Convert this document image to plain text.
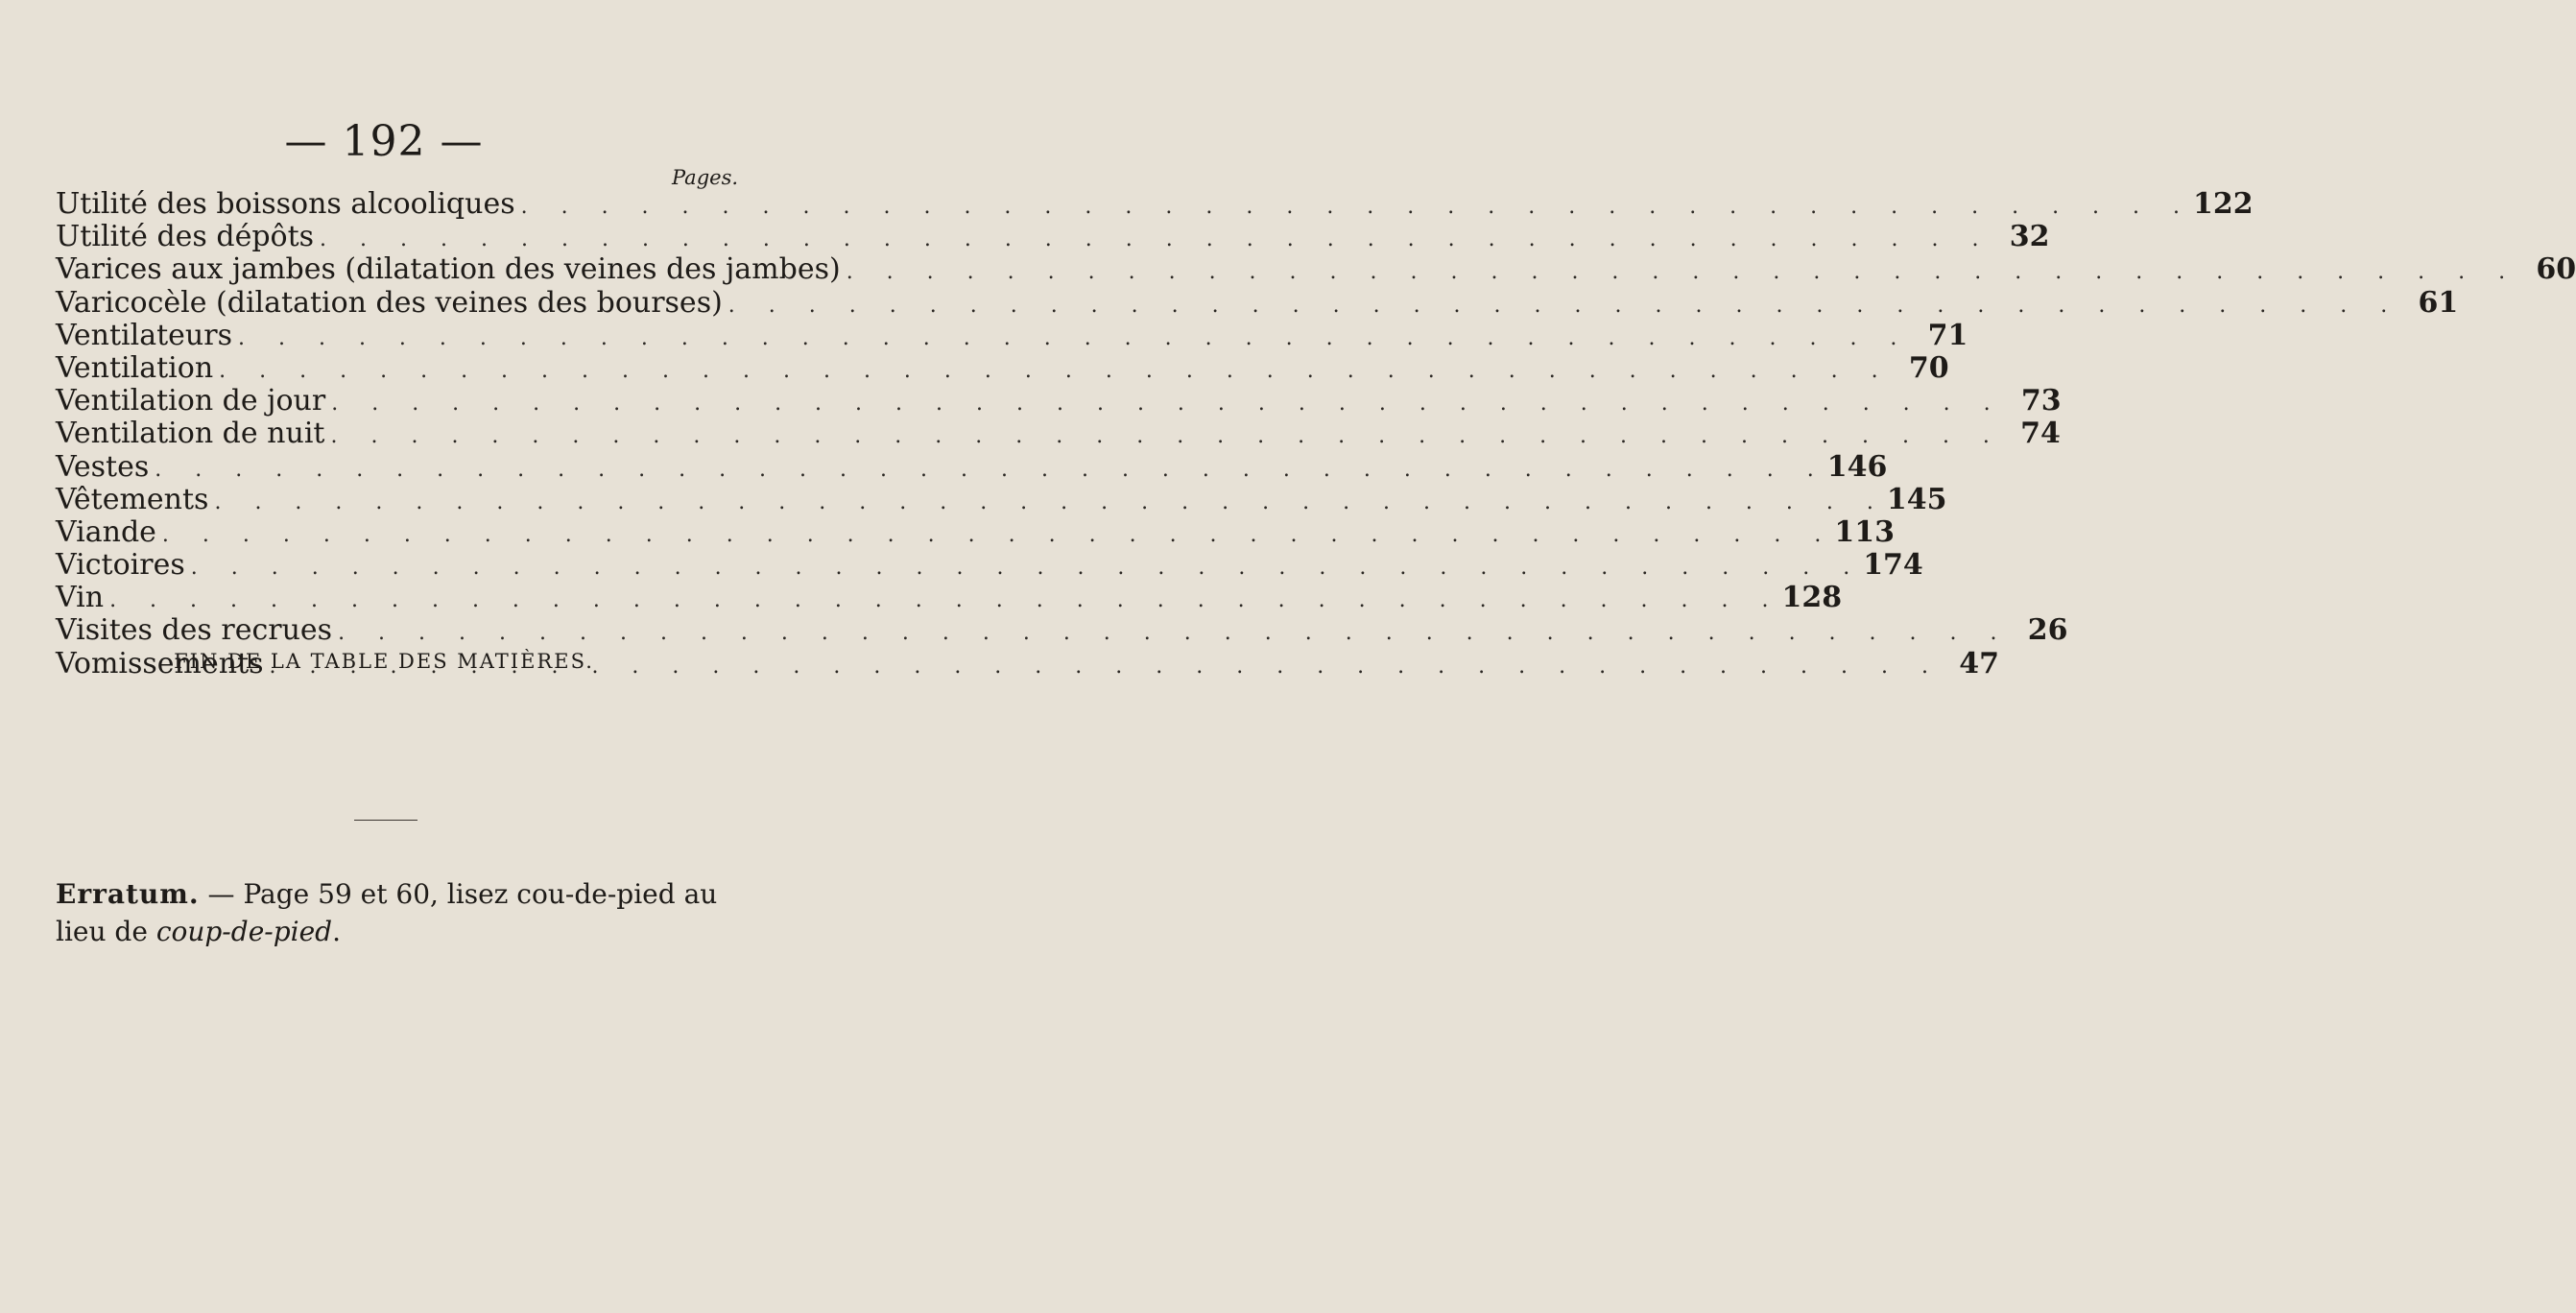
— 192 —
Pages.
Utilité des boissons alcooliques . . .	122
Utilité des dépôts . . .	32
Varices aux jambes (dilatation des veines des jambes) . . .	60
Varicocèle (dilatation des veines des bourses) . . .	61
Ventilateurs . . .	71
Ventilation . . .	70
Ventilation de jour . . .	73
Ventilation de nuit . . .	74
Vestes . . .	146
Vêtements . . .	145
Viande . . .	113
Victoires . . .	174
Vin . . .	128
Visites des recrues . . .	26
Vomissements . . .	47
FIN DE LA TABLE DES MATIÈRES.
Erratum. — Page 59 et 60, lisez cou-de-pied au lieu de coup-de-pied.
